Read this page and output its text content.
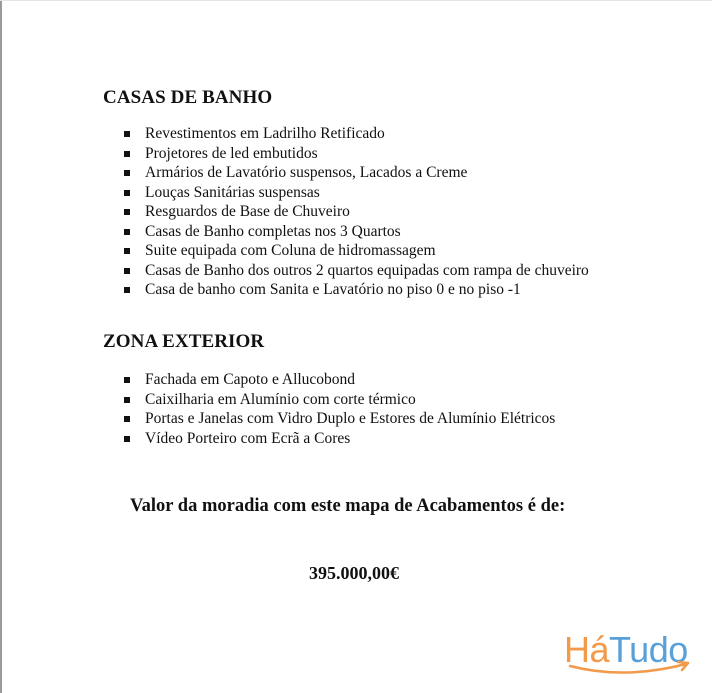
CASAS DE BANHO
Revestimentos em Ladrilho Retificado
Projetores de led embutidos
Armários de Lavatório suspensos, Lacados a Creme
Louças Sanitárias suspensas
Resguardos de Base de Chuveiro
Casas de Banho completas nos 3 Quartos
Suite equipada com Coluna de hidromassagem
Casas de Banho dos outros 2 quartos equipadas com rampa de chuveiro
Casa de banho com Sanita e Lavatório no piso 0 e no piso -1
ZONA EXTERIOR
Fachada em Capoto e Allucobond
Caixilharia em Alumínio com corte térmico
Portas e Janelas com Vidro Duplo e Estores de Alumínio Elétricos
Vídeo Porteiro com Ecrã a Cores

Valor da moradia com este mapa de Acabamentos é de:

395.000,00€

HáTudo
